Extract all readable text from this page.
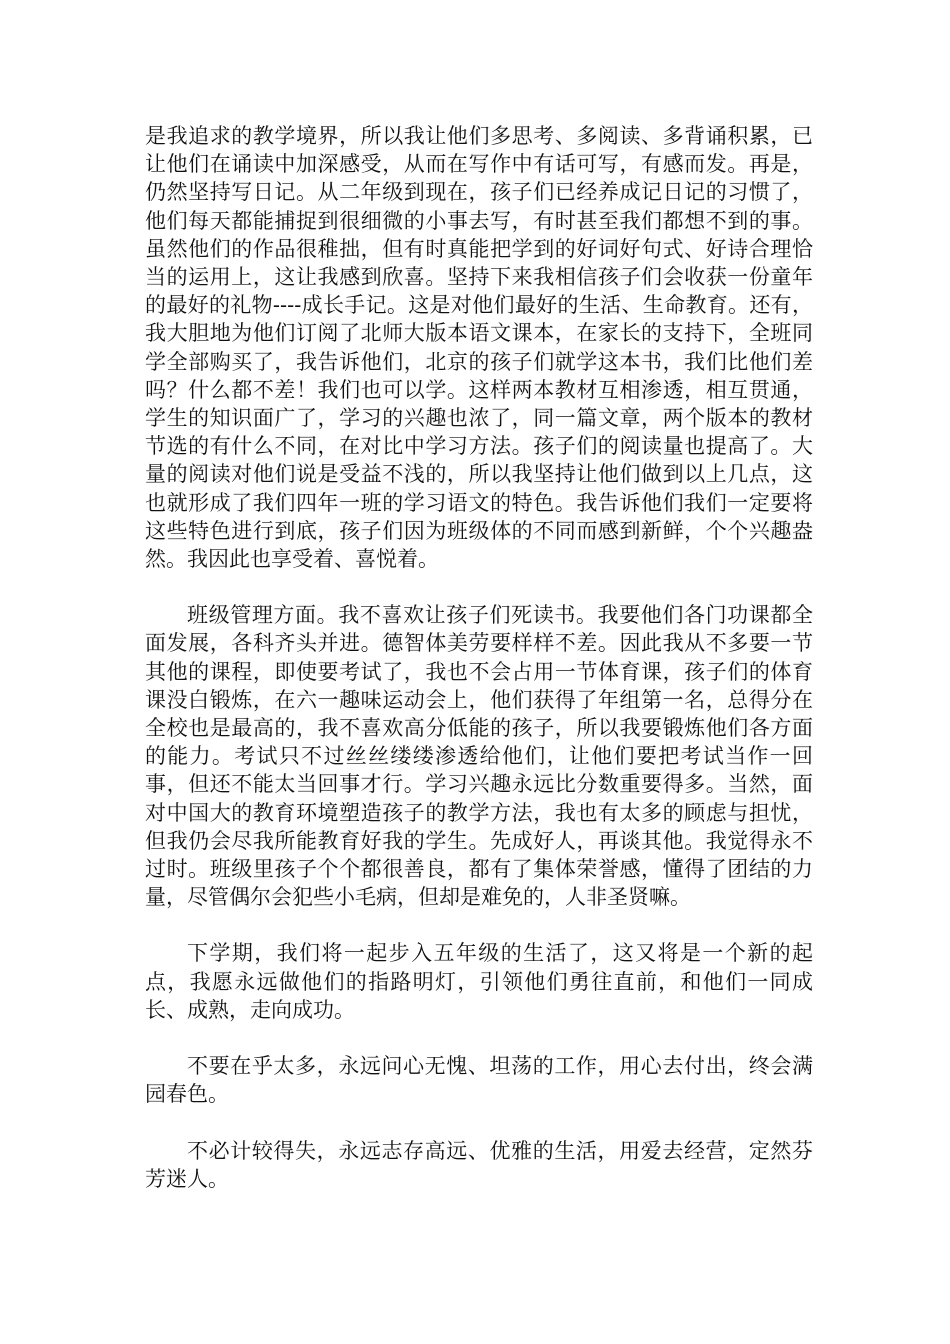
是我追求的教学境界，所以我让他们多思考、多阅读、多背诵积累，已让他们在诵读中加深感受，从而在写作中有话可写，有感而发。再是，仍然坚持写日记。从二年级到现在，孩子们已经养成记日记的习惯了，他们每天都能捕捉到很细微的小事去写，有时甚至我们都想不到的事。虽然他们的作品很稚拙，但有时真能把学到的好词好句式、好诗合理恰当的运用上，这让我感到欣喜。坚持下来我相信孩子们会收获一份童年的最好的礼物----成长手记。这是对他们最好的生活、生命教育。还有，我大胆地为他们订阅了北师大版本语文课本，在家长的支持下，全班同学全部购买了，我告诉他们，北京的孩子们就学这本书，我们比他们差吗？什么都不差！我们也可以学。这样两本教材互相渗透，相互贯通，学生的知识面广了，学习的兴趣也浓了，同一篇文章，两个版本的教材节选的有什么不同，在对比中学习方法。孩子们的阅读量也提高了。大量的阅读对他们说是受益不浅的，所以我坚持让他们做到以上几点，这也就形成了我们四年一班的学习语文的特色。我告诉他们我们一定要将这些特色进行到底，孩子们因为班级体的不同而感到新鲜，个个兴趣盎然。我因此也享受着、喜悦着。

班级管理方面。我不喜欢让孩子们死读书。我要他们各门功课都全面发展，各科齐头并进。德智体美劳要样样不差。因此我从不多要一节其他的课程，即使要考试了，我也不会占用一节体育课，孩子们的体育课没白锻炼，在六一趣味运动会上，他们获得了年组第一名，总得分在全校也是最高的，我不喜欢高分低能的孩子，所以我要锻炼他们各方面的能力。考试只不过丝丝缕缕渗透给他们，让他们要把考试当作一回事，但还不能太当回事才行。学习兴趣永远比分数重要得多。当然，面对中国大的教育环境塑造孩子的教学方法，我也有太多的顾虑与担忧，但我仍会尽我所能教育好我的学生。先成好人，再谈其他。我觉得永不过时。班级里孩子个个都很善良，都有了集体荣誉感，懂得了团结的力量，尽管偶尔会犯些小毛病，但却是难免的，人非圣贤嘛。

下学期，我们将一起步入五年级的生活了，这又将是一个新的起点，我愿永远做他们的指路明灯，引领他们勇往直前，和他们一同成长、成熟，走向成功。

不要在乎太多，永远问心无愧、坦荡的工作，用心去付出，终会满园春色。

不必计较得失，永远志存高远、优雅的生活，用爱去经营，定然芬芳迷人。
